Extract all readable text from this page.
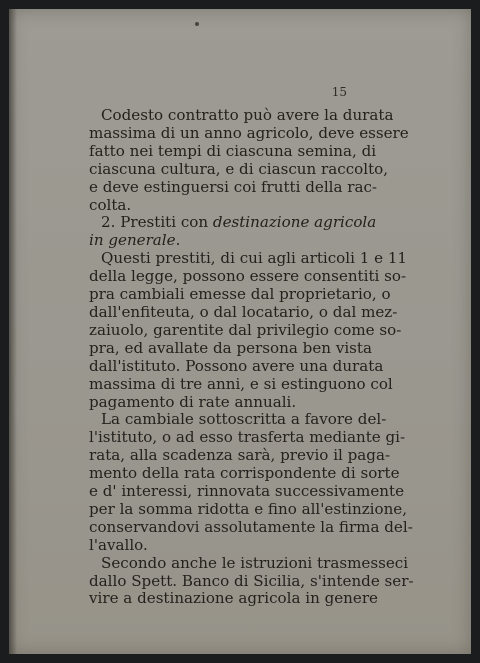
15
Codesto contratto può avere la durata
massima di un anno agricolo, deve essere
fatto nei tempi di ciascuna semina, di
ciascuna cultura, e di ciascun raccolto,
e deve estinguersi coi frutti della rac-
colta.
2. Prestiti con destinazione agricola
in generale.
Questi prestiti, di cui agli articoli 1 e 11
della legge, possono essere consentiti so-
pra cambiali emesse dal proprietario, o
dall'enfiteuta, o dal locatario, o dal mez-
zaiuolo, garentite dal privilegio come so-
pra, ed avallate da persona ben vista
dall'istituto. Possono avere una durata
massima di tre anni, e si estinguono col
pagamento di rate annuali.
La cambiale sottoscritta a favore del-
l'istituto, o ad esso trasferta mediante gi-
rata, alla scadenza sarà, previo il paga-
mento della rata corrispondente di sorte
e d' interessi, rinnovata successivamente
per la somma ridotta e fino all'estinzione,
conservandovi assolutamente la firma del-
l'avallo.
Secondo anche le istruzioni trasmesseci
dallo Spett. Banco di Sicilia, s'intende ser-
vire a destinazione agricola in genere
